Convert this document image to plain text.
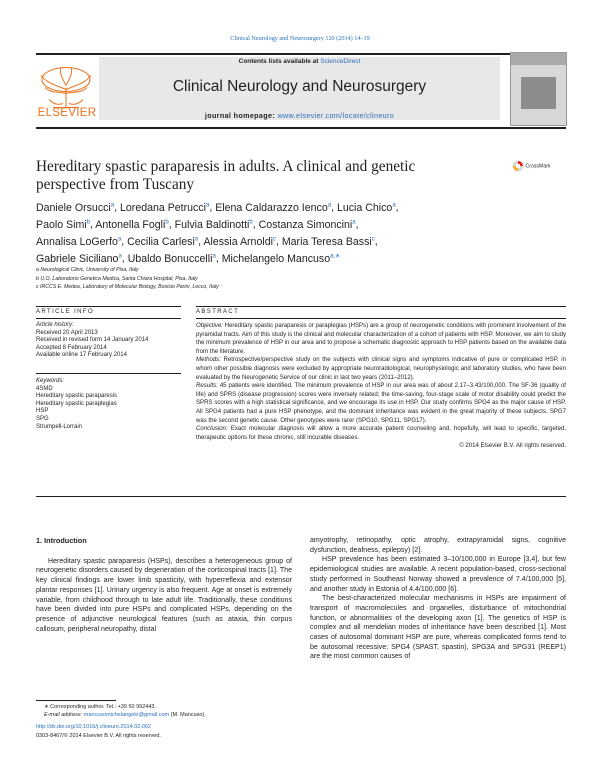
Clinical Neurology and Neurosurgery 120 (2014) 14–19
ELSEVIER
Contents lists available at ScienceDirect
Clinical Neurology and Neurosurgery
journal homepage: www.elsevier.com/locate/clineuro
Hereditary spastic paraparesis in adults. A clinical and genetic perspective from Tuscany
CrossMark
Daniele Orsucci$^a$, Loredana Petrucci$^a$, Elena Caldarazzo Ienco$^a$, Lucia Chico$^a$,
Paolo Simi$^b$, Antonella Fogli$^b$, Fulvia Baldinotti$^b$, Costanza Simoncini$^a$,
Annalisa LoGerfo$^a$, Cecilia Carlesi$^a$, Alessia Arnoldi$^c$, Maria Teresa Bassi$^c$,
Gabriele Siciliano$^a$, Ubaldo Bonuccelli$^a$, Michelangelo Mancuso$^{a,∗}$
a Neurological Clinic, University of Pisa, Italy
b U.O. Laboratorio Genetica Medica, Santa Chiara Hospital, Pisa, Italy
c IRCCS E. Medea, Laboratory of Molecular Biology, Bosisio Parini, Lecco, Italy
ARTICLE INFO
Article history:
Received 20 April 2013
Received in revised form 14 January 2014
Accepted 8 February 2014
Available online 17 February 2014
Keywords:
4SMD
Hereditary spastic paraparesis
Hereditary spastic paraplegias
HSP
SPG
Strumpell-Lorrain
ABSTRACT
Objective: Hereditary spastic paraparesis or paraplegias (HSPs) are a group of neurogenetic conditions with prominent involvement of the pyramidal tracts. Aim of this study is the clinical and molecular characterization of a cohort of patients with HSP. Moreover, we aim to study the minimum prevalence of HSP in our area and to propose a schematic diagnostic approach to HSP patients based on the available data from the literature.
Methods: Retrospective/perspective study on the subjects with clinical signs and symptoms indicative of pure or complicated HSP, in whom other possible diagnosis were excluded by appropriate neuroradiological, neurophysiologic and laboratory studies, who have been evaluated by the Neurogenetic Service of our clinic in last two years (2011–2012).
Results: 45 patients were identified. The minimum prevalence of HSP in our area was of about 2.17–3.43/100,000. The SF-36 (quality of life) and SPRS (disease progression) scores were inversely related; the time-saving, four-stage scale of motor disability could predict the SPRS scores with a high statistical significance, and we encourage its use in HSP. Our study confirms SPG4 as the major cause of HSP. All SPG4 patients had a pure HSP phenotype, and the dominant inheritance was evident in the great majority of these subjects. SPG7 was the second genetic cause. Other genotypes were rarer (SPG10, SPG11, SPG17).
Conclusion: Exact molecular diagnosis will allow a more accurate patient counseling and, hopefully, will lead to specific, targeted, therapeutic options for these chronic, still incurable diseases.
© 2014 Elsevier B.V. All rights reserved.
1. Introduction

Hereditary spastic paraparesis (HSPs), describes a heterogeneous group of neurogenetic disorders caused by degeneration of the corticospinal tracts [1]. The key clinical findings are lower limb spasticity, with hyperreflexia and extensor plantar responses [1]. Urinary urgency is also frequent. Age at onset is extremely variable, from childhood through to late adult life. Traditionally, these conditions have been divided into pure HSPs and complicated HSPs, depending on the presence of adjunctive neurological features (such as ataxia, thin corpus callosum, peripheral neuropathy, distal

amyotrophy, retinopathy, optic atrophy, extrapyramidal signs, cognitive dysfunction, deafness, epilepsy) [2].

HSP prevalence has been estimated 3–10/100,000 in Europe [3,4], but few epidemiological studies are available. A recent population-based, cross-sectional study performed in Southeast Norway showed a prevalence of 7.4/100,000 [5], and another study in Estonia of 4.4/100,000 [6].

The best-characterized molecular mechanisms in HSPs are impairment of transport of macromolecules and organelles, disturbance of mitochondrial function, or abnormalities of the developing axon [1]. The genetics of HSP is complex and all mendelian modes of inheritance have been described [1]. Most cases of autosomal dominant HSP are pure, whereas complicated forms tend to be autosomal recessive; SPG4 (SPAST, spastin), SPG3A and SPG31 (REEP1) are the most common causes of

∗ Corresponding author. Tel.: +39 50 992443.
E-mail address: mancusomichelangelo@gmail.com (M. Mancuso).
http://dx.doi.org/10.1016/j.clineuro.2014.02.002
0303-8467/© 2014 Elsevier B.V. All rights reserved.
